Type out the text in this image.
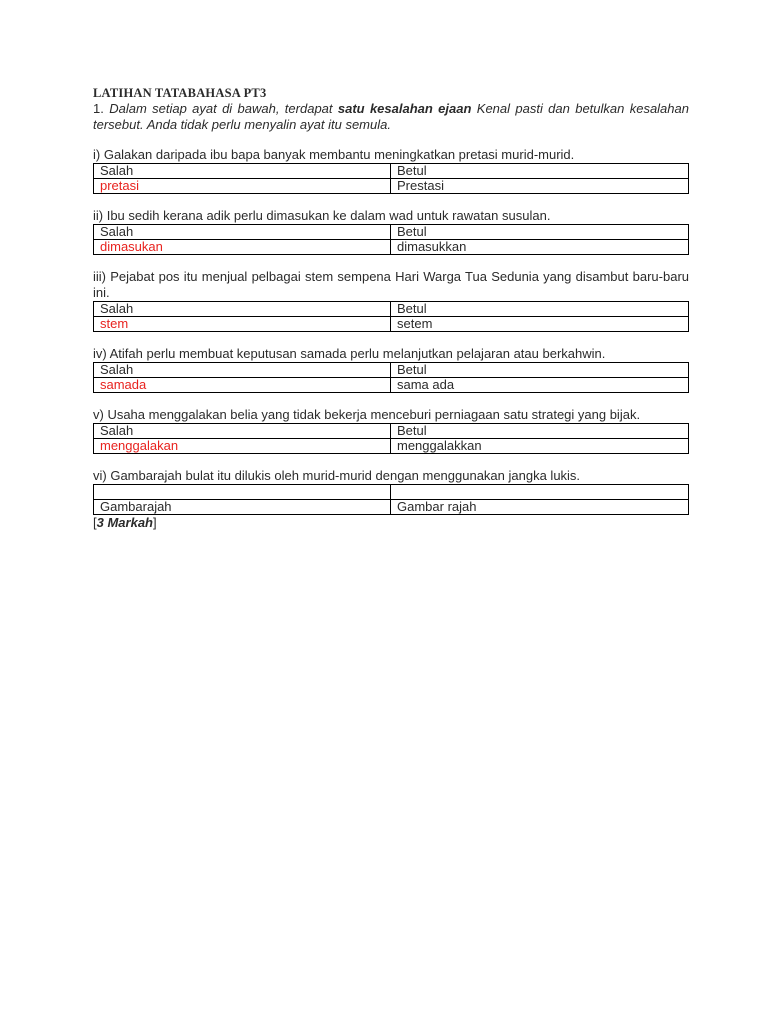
LATIHAN TATABAHASA PT3

1. Dalam setiap ayat di bawah, terdapat satu kesalahan ejaan Kenal pasti dan betulkan kesalahan tersebut. Anda tidak perlu menyalin ayat itu semula.

i) Galakan daripada ibu bapa banyak membantu meningkatkan pretasi murid-murid.

Salah	Betul
pretasi	Prestasi

ii) Ibu sedih kerana adik perlu dimasukan ke dalam wad untuk rawatan susulan.

Salah	Betul
dimasukan	dimasukkan

iii) Pejabat pos itu menjual pelbagai stem sempena Hari Warga Tua Sedunia yang disambut baru-baru ini.

Salah	Betul
stem	setem

iv) Atifah perlu membuat keputusan samada perlu melanjutkan pelajaran atau berkahwin.

Salah	Betul
samada	sama ada

v) Usaha menggalakan belia yang tidak bekerja menceburi perniagaan satu strategi yang bijak.

Salah	Betul
menggalakan	menggalakkan

vi) Gambarajah bulat itu dilukis oleh murid-murid dengan menggunakan jangka lukis.

Gambarajah	Gambar rajah

[3 Markah]
